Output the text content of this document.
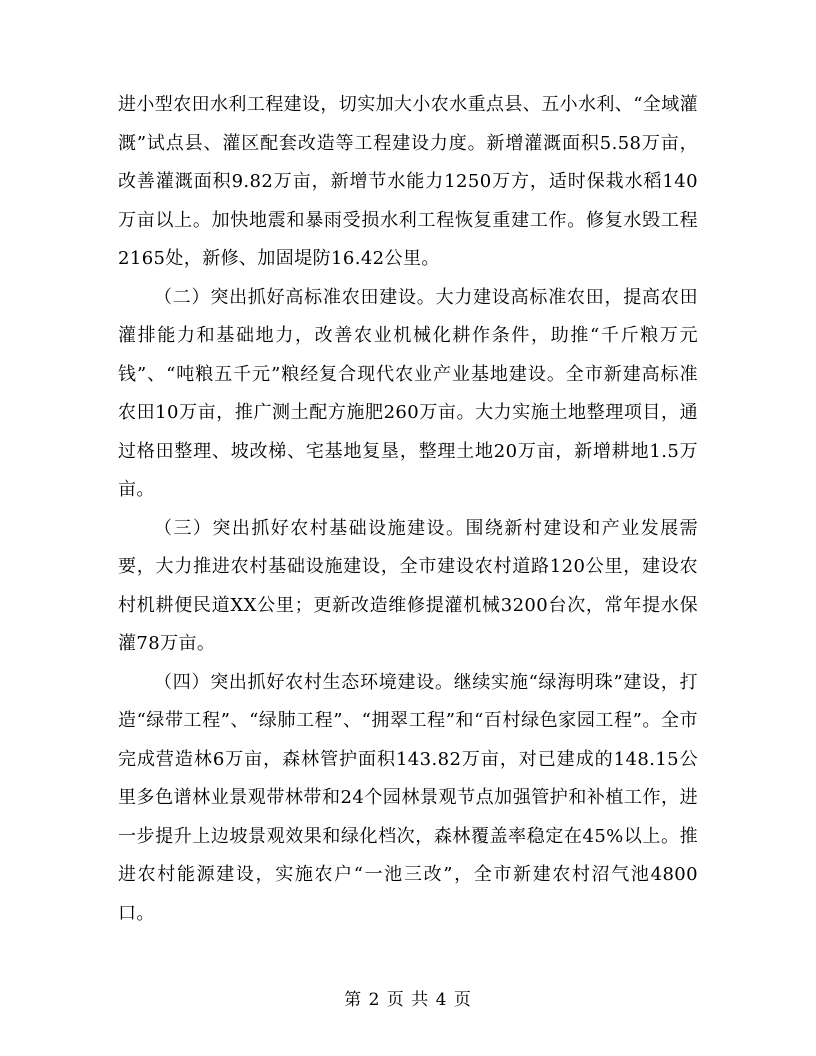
进小型农田水利工程建设，切实加大小农水重点县、五小水利、“全域灌溉”试点县、灌区配套改造等工程建设力度。新增灌溉面积5.58万亩，改善灌溉面积9.82万亩，新增节水能力1250万方，适时保栽水稻140万亩以上。加快地震和暴雨受损水利工程恢复重建工作。修复水毁工程2165处，新修、加固堤防16.42公里。

（二）突出抓好高标准农田建设。大力建设高标准农田，提高农田灌排能力和基础地力，改善农业机械化耕作条件，助推“千斤粮万元钱”、“吨粮五千元”粮经复合现代农业产业基地建设。全市新建高标准农田10万亩，推广测土配方施肥260万亩。大力实施土地整理项目，通过格田整理、坡改梯、宅基地复垦，整理土地20万亩，新增耕地1.5万亩。

（三）突出抓好农村基础设施建设。围绕新村建设和产业发展需要，大力推进农村基础设施建设，全市建设农村道路120公里，建设农村机耕便民道XX公里；更新改造维修提灌机械3200台次，常年提水保灌78万亩。

（四）突出抓好农村生态环境建设。继续实施“绿海明珠”建设，打造“绿带工程”、“绿肺工程”、“拥翠工程”和“百村绿色家园工程”。全市完成营造林6万亩，森林管护面积143.82万亩，对已建成的148.15公里多色谱林业景观带林带和24个园林景观节点加强管护和补植工作，进一步提升上边坡景观效果和绿化档次，森林覆盖率稳定在45%以上。推进农村能源建设，实施农户“一池三改”，全市新建农村沼气池4800口。

第 2 页 共 4 页
